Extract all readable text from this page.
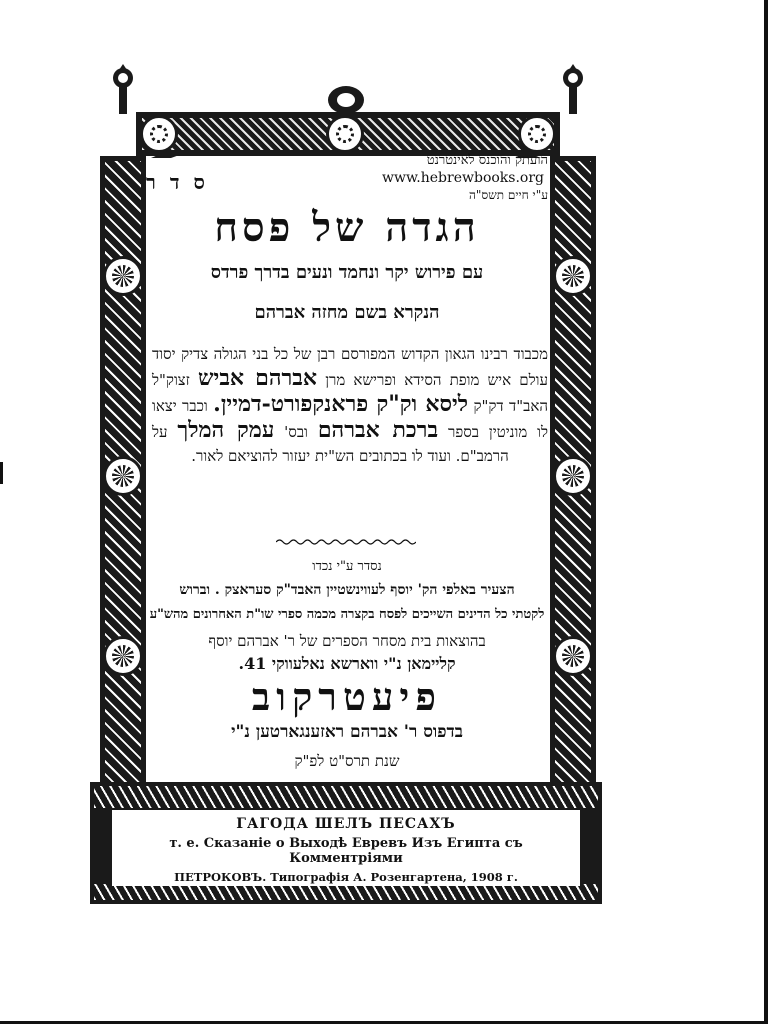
ГАГОДА ШЕЛЪ ПЕСАХЪ
т. е. Сказанiе о Выходѣ Евревъ Изъ Египта съ Комментрiями
ПЕТРОКОВЪ. Типографiя А. Розенгартена, 1908 г.
הועתק והוכנס לאינטרנט
www.hebrewbooks.org
סדר
ע"י חיים תשס"ה
הגדה של פסח
עם פירוש יקר ונחמד ונעים בדרך פרדס
הנקרא בשם מחזה אברהם
מכבוד רבינו הגאון הקדוש המפורסם רבן של כל בני הגולה צדיק יסוד עולם איש מופת הסידא ופרישא מרן אברהם אביש זצוק"ל האב"ד דק"ק ליסא וק"ק פראנקפורט-דמיין. וכבר יצאו לו מוניטין בספר ברכת אברהם ובס' עמק המלך על הרמב"ם. ועוד לו בכתובים הש"ית יעזור להוציאם לאור.
נסדר ע"י נכדו
הצעיר באלפי הק' יוסף לעווינשטיין האבד"ק סעראצק . וברוש
לקטתי כל הדינים השייכים לפסח בקצרה מכמה ספרי שו"ת האחרונים מהש"ע
בהוצאות בית מסחר הספרים של ר' אברהם יוסף
קליימאן נ"י ווארשא נאלעווקי 41.
פיעטרקוב
בדפוס ר' אברהם ראזענגארטען נ"י
שנת תרס"ט לפ"ק
